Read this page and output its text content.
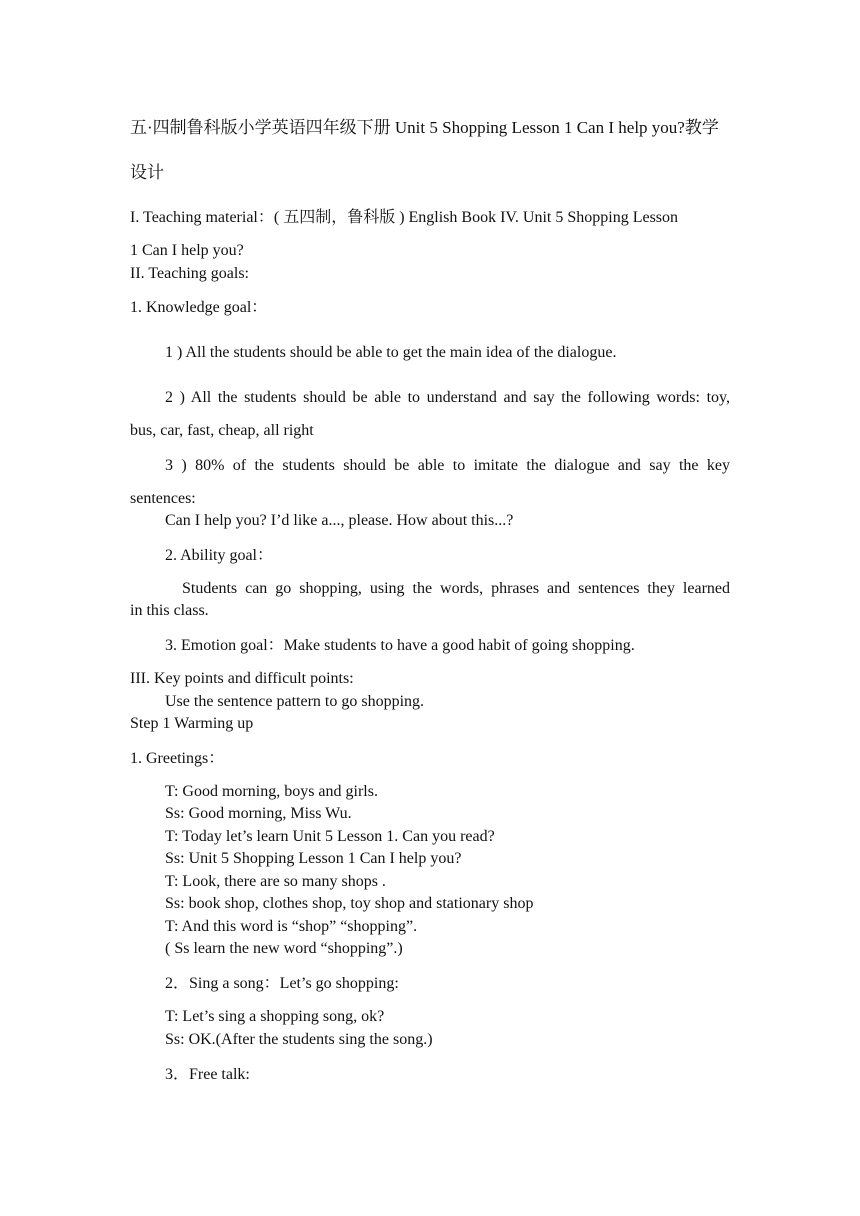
五·四制鲁科版小学英语四年级下册 Unit 5 Shopping Lesson 1 Can I help you?教学
设计
I. Teaching material：( 五四制，鲁科版 ) English Book IV. Unit 5 Shopping Lesson
1 Can I help you?
II. Teaching goals:
1. Knowledge goal：
1 ) All the students should be able to get the main idea of the dialogue.
2 ) All the students should be able to understand and say the following words: toy,
bus, car, fast, cheap, all right
3 ) 80% of the students should be able to imitate the dialogue and say the key
sentences:
Can I help you? I’d like a..., please. How about this...?
2. Ability goal：
Students can go shopping, using the words, phrases and sentences they learned
in this class.
3. Emotion goal：Make students to have a good habit of going shopping.
III. Key points and difficult points:
Use the sentence pattern to go shopping.
Step 1 Warming up
1. Greetings：
T: Good morning, boys and girls.
Ss: Good morning, Miss Wu.
T: Today let’s learn Unit 5 Lesson 1. Can you read?
Ss: Unit 5 Shopping Lesson 1 Can I help you?
T: Look, there are so many shops .
Ss: book shop, clothes shop, toy shop and stationary shop
T: And this word is “shop” “shopping”.
( Ss learn the new word “shopping”.)
2．Sing a song：Let’s go shopping:
T: Let’s sing a shopping song, ok?
Ss: OK.(After the students sing the song.)
3．Free talk:
